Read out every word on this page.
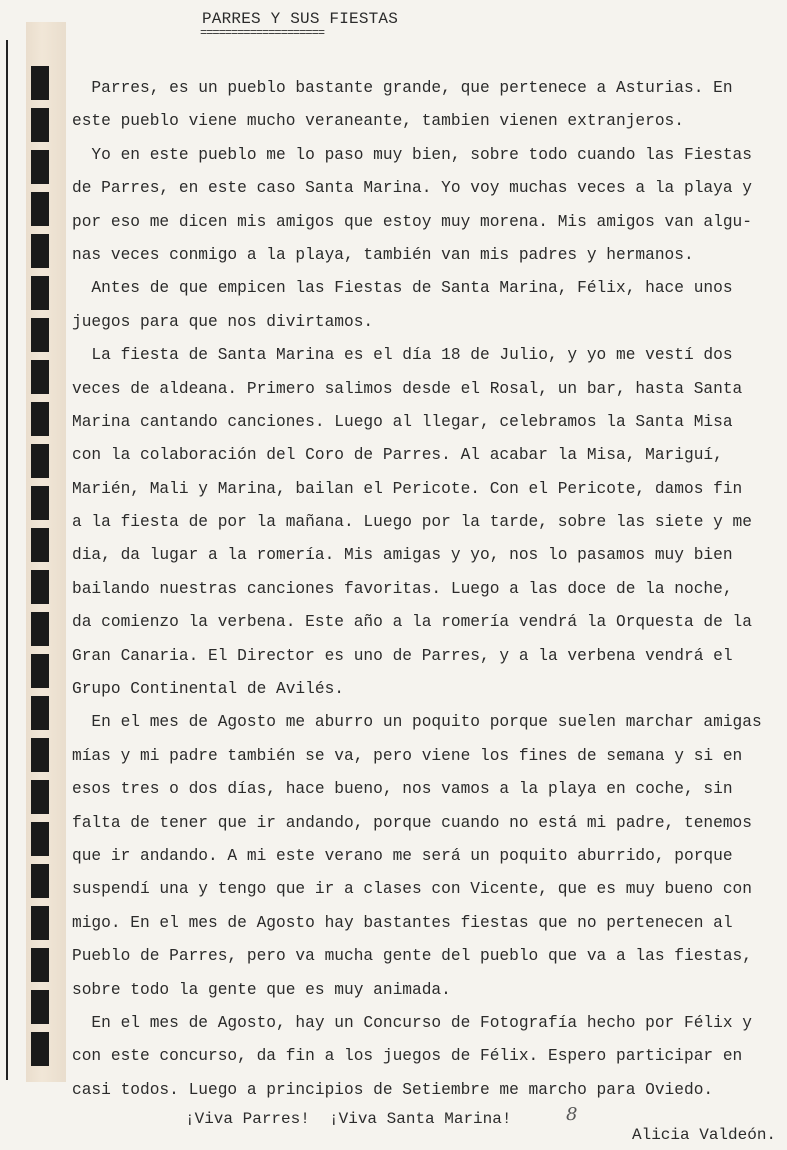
PARRES Y SUS FIESTAS
====================
Parres, es un pueblo bastante grande, que pertenece a Asturias. En
este pueblo viene mucho veraneante, tambien vienen extranjeros.
Yo en este pueblo me lo paso muy bien, sobre todo cuando las Fiestas
de Parres, en este caso Santa Marina. Yo voy muchas veces a la playa y
por eso me dicen mis amigos que estoy muy morena. Mis amigos van algu-
nas veces conmigo a la playa, también van mis padres y hermanos.
Antes de que empicen las Fiestas de Santa Marina, Félix, hace unos
juegos para que nos divirtamos.
La fiesta de Santa Marina es el día 18 de Julio, y yo me vestí dos
veces de aldeana. Primero salimos desde el Rosal, un bar, hasta Santa
Marina cantando canciones. Luego al llegar, celebramos la Santa Misa
con la colaboración del Coro de Parres. Al acabar la Misa, Mariguí,
Marién, Mali y Marina, bailan el Pericote. Con el Pericote, damos fin
a la fiesta de por la mañana. Luego por la tarde, sobre las siete y me
dia, da lugar a la romería. Mis amigas y yo, nos lo pasamos muy bien
bailando nuestras canciones favoritas. Luego a las doce de la noche,
da comienzo la verbena. Este año a la romería vendrá la Orquesta de la
Gran Canaria. El Director es uno de Parres, y a la verbena vendrá el
Grupo Continental de Avilés.
En el mes de Agosto me aburro un poquito porque suelen marchar amigas
mías y mi padre también se va, pero viene los fines de semana y si en
esos tres o dos días, hace bueno, nos vamos a la playa en coche, sin
falta de tener que ir andando, porque cuando no está mi padre, tenemos
que ir andando. A mi este verano me será un poquito aburrido, porque
suspendí una y tengo que ir a clases con Vicente, que es muy bueno con
migo. En el mes de Agosto hay bastantes fiestas que no pertenecen al
Pueblo de Parres, pero va mucha gente del pueblo que va a las fiestas,
sobre todo la gente que es muy animada.
En el mes de Agosto, hay un Concurso de Fotografía hecho por Félix y
con este concurso, da fin a los juegos de Félix. Espero participar en
casi todos. Luego a principios de Setiembre me marcho para Oviedo.
¡Viva Parres!  ¡Viva Santa Marina!	8
Alicia Valdeón.
